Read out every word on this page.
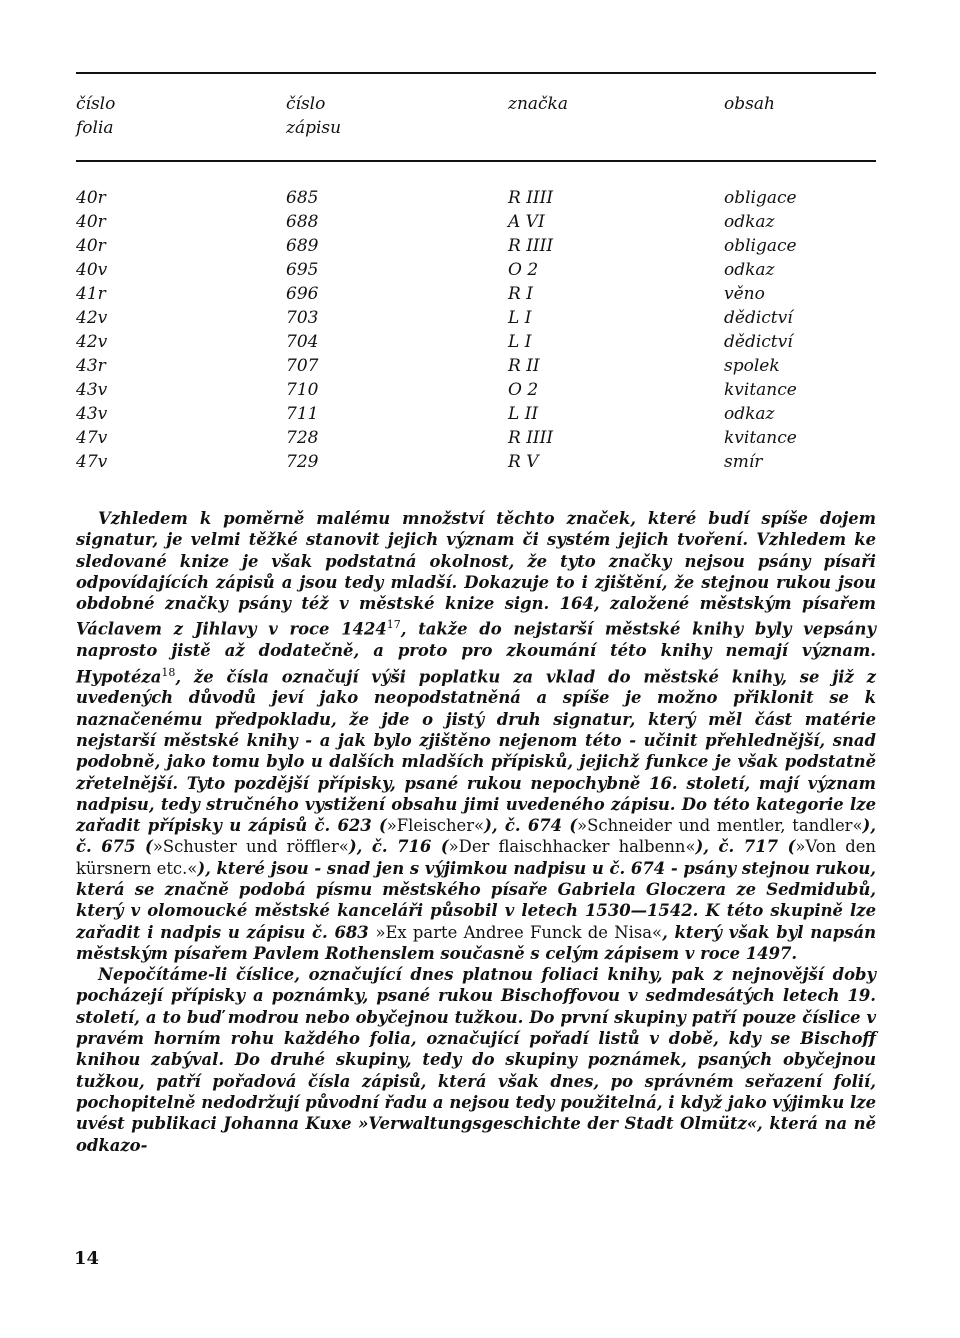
číslo	číslo	značka	obsah
folia	zápisu
40r	685	R IIII	obligace
40r	688	A VI	odkaz
40r	689	R IIII	obligace
40v	695	O 2	odkaz
41r	696	R I	věno
42v	703	L I	dědictví
42v	704	L I	dědictví
43r	707	R II	spolek
43v	710	O 2	kvitance
43v	711	L II	odkaz
47v	728	R IIII	kvitance
47v	729	R V	smír

Vzhledem k poměrně malému množství těchto značek, které budí spíše dojem signatur, je velmi těžké stanovit jejich význam či systém jejich tvoření. Vzhledem ke sledované knize je však podstatná okolnost, že tyto značky nejsou psány písaři odpovídajících zápisů a jsou tedy mladší. Dokazuje to i zjištění, že stejnou rukou jsou obdobné značky psány též v městské knize sign. 164, založené městským písařem Václavem z Jihlavy v roce 1424$^{17}$, takže do nejstarší městské knihy byly vepsány naprosto jistě až dodatečně, a proto pro zkoumání této knihy nemají význam. Hypotéza$^{18}$, že čísla označují výši poplatku za vklad do městské knihy, se již z uvedených důvodů jeví jako neopodstatněná a spíše je možno přiklonit se k naznačenému předpokladu, že jde o jistý druh signatur, který měl část matérie nejstarší městské knihy - a jak bylo zjištěno nejenom této - učinit přehlednější, snad podobně, jako tomu bylo u dalších mladších přípisků, jejichž funkce je však podstatně zřetelnější. Tyto pozdější přípisky, psané rukou nepochybně 16. století, mají význam nadpisu, tedy stručného vystižení obsahu jimi uvedeného zápisu. Do této kategorie lze zařadit přípisky u zápisů č. 623 (»Fleischer«), č. 674 (»Schneider und mentler, tandler«), č. 675 (»Schuster und röffler«), č. 716 (»Der flaischhacker halbenn«), č. 717 (»Von den kürsnern etc.«), které jsou - snad jen s výjimkou nadpisu u č. 674 - psány stejnou rukou, která se značně podobá písmu městského písaře Gabriela Gloczera ze Sedmidubů, který v olomoucké městské kanceláři působil v letech 1530—1542. K této skupině lze zařadit i nadpis u zápisu č. 683 »Ex parte Andree Funck de Nisa«, který však byl napsán městským písařem Pavlem Rothenslem současně s celým zápisem v roce 1497.

Nepočítáme-li číslice, označující dnes platnou foliaci knihy, pak z nejnovější doby pocházejí přípisky a poznámky, psané rukou Bischoffovou v sedmdesátých letech 19. století, a to buď modrou nebo obyčejnou tužkou. Do první skupiny patří pouze číslice v pravém horním rohu každého folia, označující pořadí listů v době, kdy se Bischoff knihou zabýval. Do druhé skupiny, tedy do skupiny poznámek, psaných obyčejnou tužkou, patří pořadová čísla zápisů, která však dnes, po správném seřazení folií, pochopitelně nedodržují původní řadu a nejsou tedy použitelná, i když jako výjimku lze uvést publikaci Johanna Kuxe »Verwaltungsgeschichte der Stadt Olmütz«, která na ně odkazo-

14
